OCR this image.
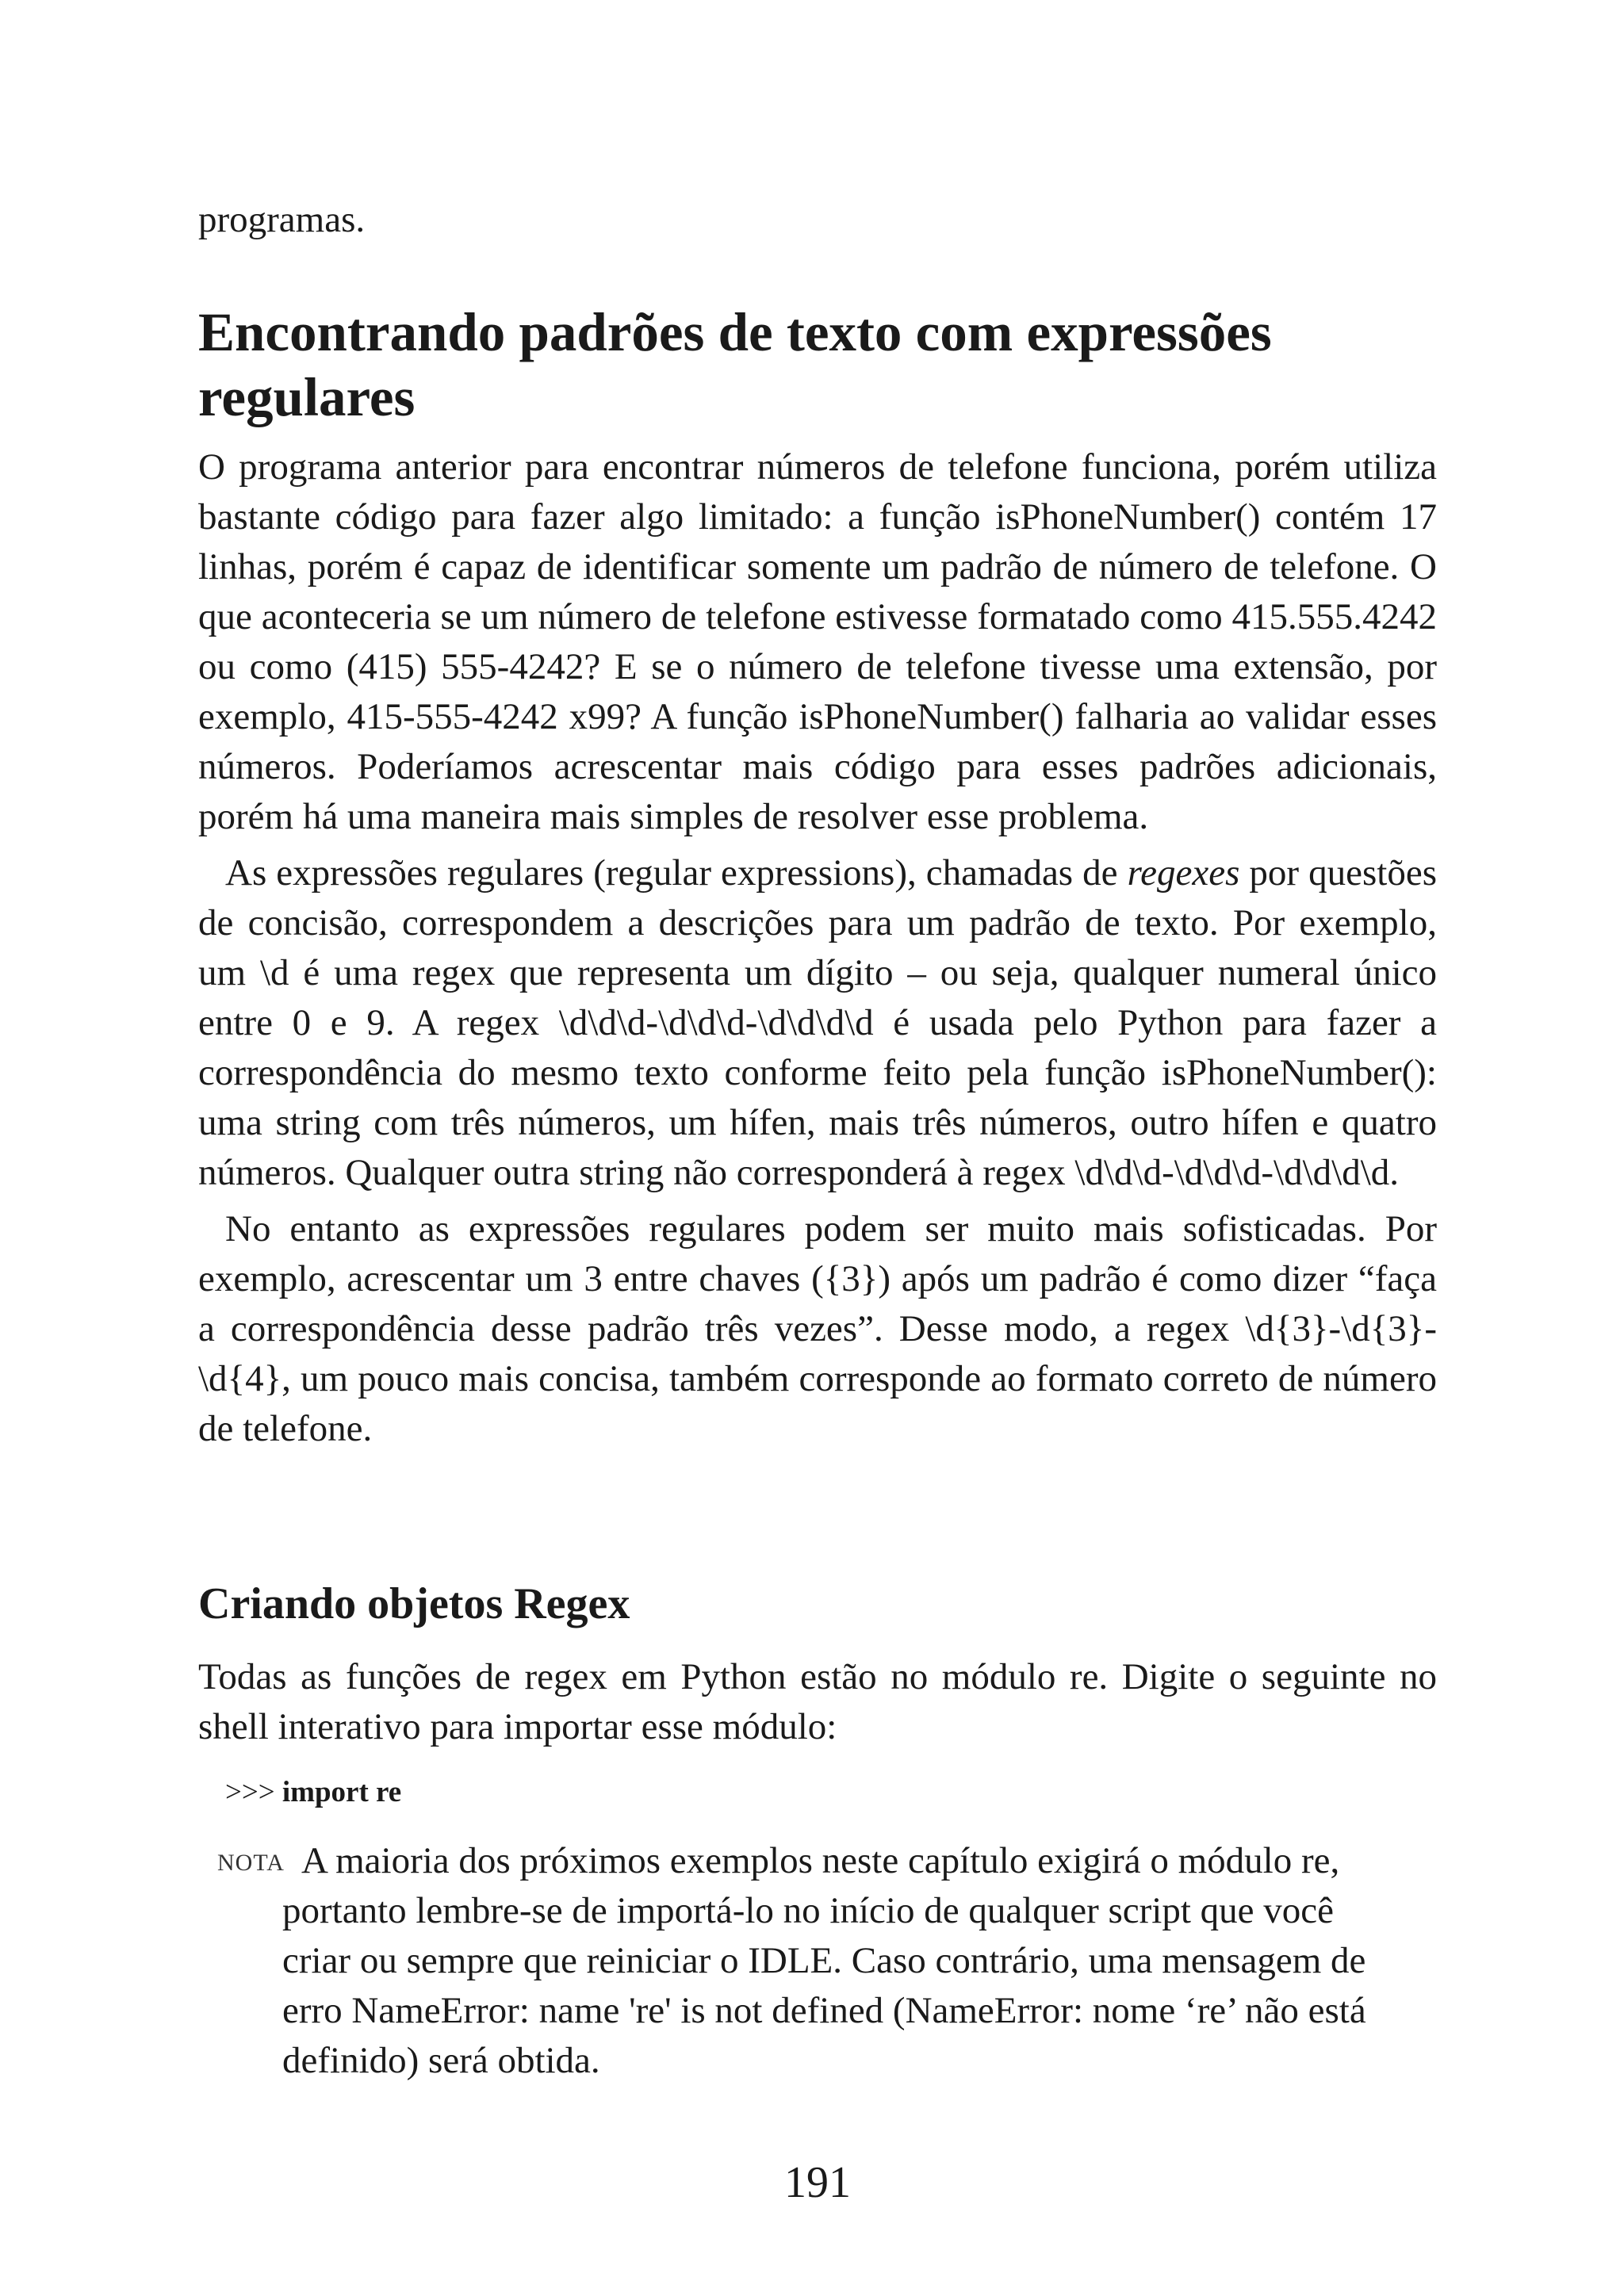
programas.

Encontrando padrões de texto com expressões regulares

O programa anterior para encontrar números de telefone funciona, porém utiliza bastante código para fazer algo limitado: a função isPhoneNumber() contém 17 linhas, porém é capaz de identificar somente um padrão de número de telefone. O que aconteceria se um número de telefone estivesse formatado como 415.555.4242 ou como (415) 555-4242? E se o número de telefone tivesse uma extensão, por exemplo, 415-555-4242 x99? A função isPhoneNumber() falharia ao validar esses números. Poderíamos acrescentar mais código para esses padrões adicionais, porém há uma maneira mais simples de resolver esse problema.

As expressões regulares (regular expressions), chamadas de regexes por questões de concisão, correspondem a descrições para um padrão de texto. Por exemplo, um \d é uma regex que representa um dígito – ou seja, qualquer numeral único entre 0 e 9. A regex \d\d\d-\d\d\d-\d\d\d\d é usada pelo Python para fazer a correspondência do mesmo texto conforme feito pela função isPhoneNumber(): uma string com três números, um hífen, mais três números, outro hífen e quatro números. Qualquer outra string não corresponderá à regex \d\d\d-\d\d\d-\d\d\d\d.

No entanto as expressões regulares podem ser muito mais sofisticadas. Por exemplo, acrescentar um 3 entre chaves ({3}) após um padrão é como dizer “faça a correspondência desse padrão três vezes”. Desse modo, a regex \d{3}-\d{3}-\d{4}, um pouco mais concisa, também corresponde ao formato correto de número de telefone.

Criando objetos Regex

Todas as funções de regex em Python estão no módulo re. Digite o seguinte no shell interativo para importar esse módulo:

>>> import re
NOTA A maioria dos próximos exemplos neste capítulo exigirá o módulo re, portanto lembre-se de importá-lo no início de qualquer script que você criar ou sempre que reiniciar o IDLE. Caso contrário, uma mensagem de erro NameError: name 're' is not defined (NameError: nome ‘re’ não está definido) será obtida.

191
